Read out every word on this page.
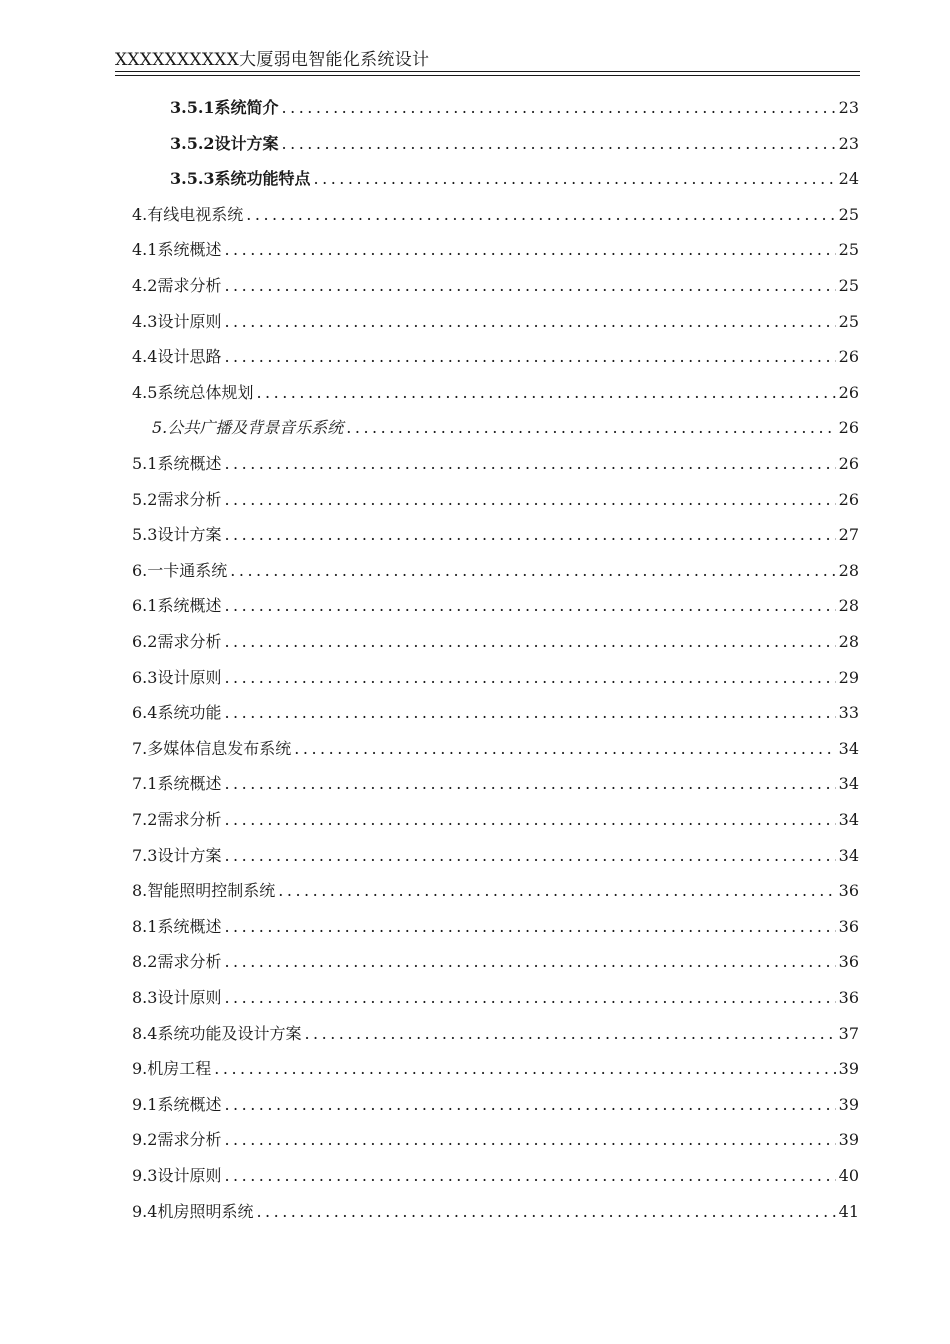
XXXXXXXXXX大厦弱电智能化系统设计
3.5.1系统简介 .....	23
3.5.2设计方案 .....	23
3.5.3系统功能特点 .....	24
4.有线电视系统 .....	25
4.1系统概述 .....	25
4.2需求分析 .....	25
4.3设计原则 .....	25
4.4设计思路 .....	26
4.5系统总体规划 .....	26
5.公共广播及背景音乐系统 .....	26
5.1系统概述 .....	26
5.2需求分析 .....	26
5.3设计方案 .....	27
6.一卡通系统 .....	28
6.1系统概述 .....	28
6.2需求分析 .....	28
6.3设计原则 .....	29
6.4系统功能 .....	33
7.多媒体信息发布系统 .....	34
7.1系统概述 .....	34
7.2需求分析 .....	34
7.3设计方案 .....	34
8.智能照明控制系统 .....	36
8.1系统概述 .....	36
8.2需求分析 .....	36
8.3设计原则 .....	36
8.4系统功能及设计方案 .....	37
9.机房工程 .....	39
9.1系统概述 .....	39
9.2需求分析 .....	39
9.3设计原则 .....	40
9.4机房照明系统 .....	41
